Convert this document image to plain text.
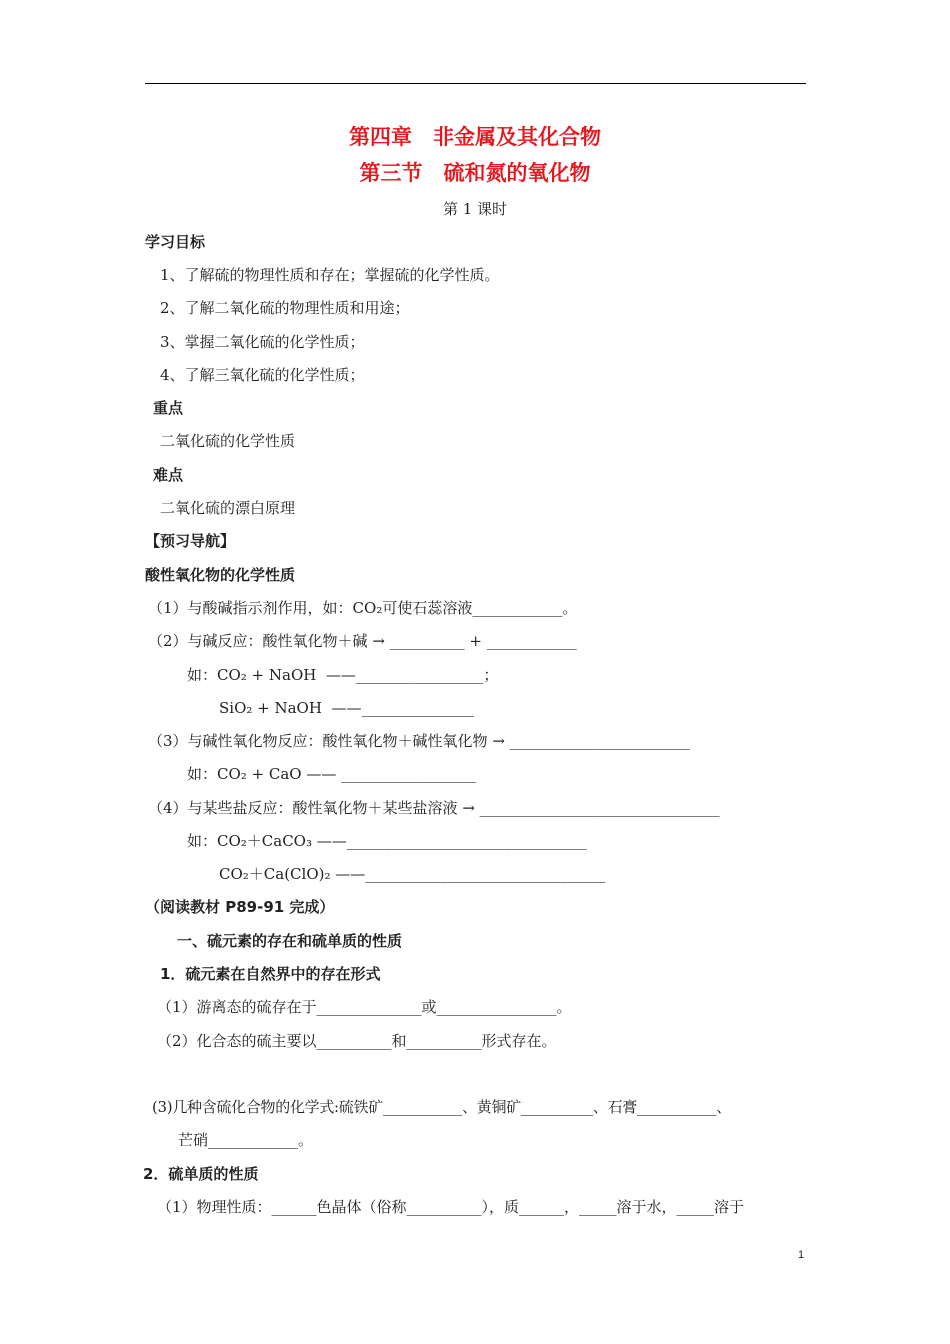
第四章　非金属及其化合物
第三节　硫和氮的氧化物
第 1 课时
学习目标
1、了解硫的物理性质和存在；掌握硫的化学性质。
2、了解二氧化硫的物理性质和用途；
3、掌握二氧化硫的化学性质；
4、了解三氧化硫的化学性质；
重点
二氧化硫的化学性质
难点
二氧化硫的漂白原理
【预习导航】
酸性氧化物的化学性质
（1）与酸碱指示剂作用，如：CO₂可使石蕊溶液____________。
（2）与碱反应：酸性氧化物＋碱 → __________ + ____________
如：CO₂ + NaOH  ——_________________；
SiO₂ + NaOH  ——_______________
（3）与碱性氧化物反应：酸性氧化物＋碱性氧化物 → ________________________
如：CO₂ + CaO —— __________________
（4）与某些盐反应：酸性氧化物＋某些盐溶液 → ________________________________
如：CO₂＋CaCO₃ ——________________________________
CO₂＋Ca(ClO)₂ ——________________________________
（阅读教材 P89-91 完成）
一、硫元素的存在和硫单质的性质
1．硫元素在自然界中的存在形式
（1）游离态的硫存在于______________或________________。
（2）化合态的硫主要以__________和__________形式存在。
(3)几种含硫化合物的化学式:硫铁矿___________、黄铜矿__________、石膏___________、
芒硝____________。
2．硫单质的性质
（1）物理性质：______色晶体（俗称__________），质______，_____溶于水，_____溶于
1
